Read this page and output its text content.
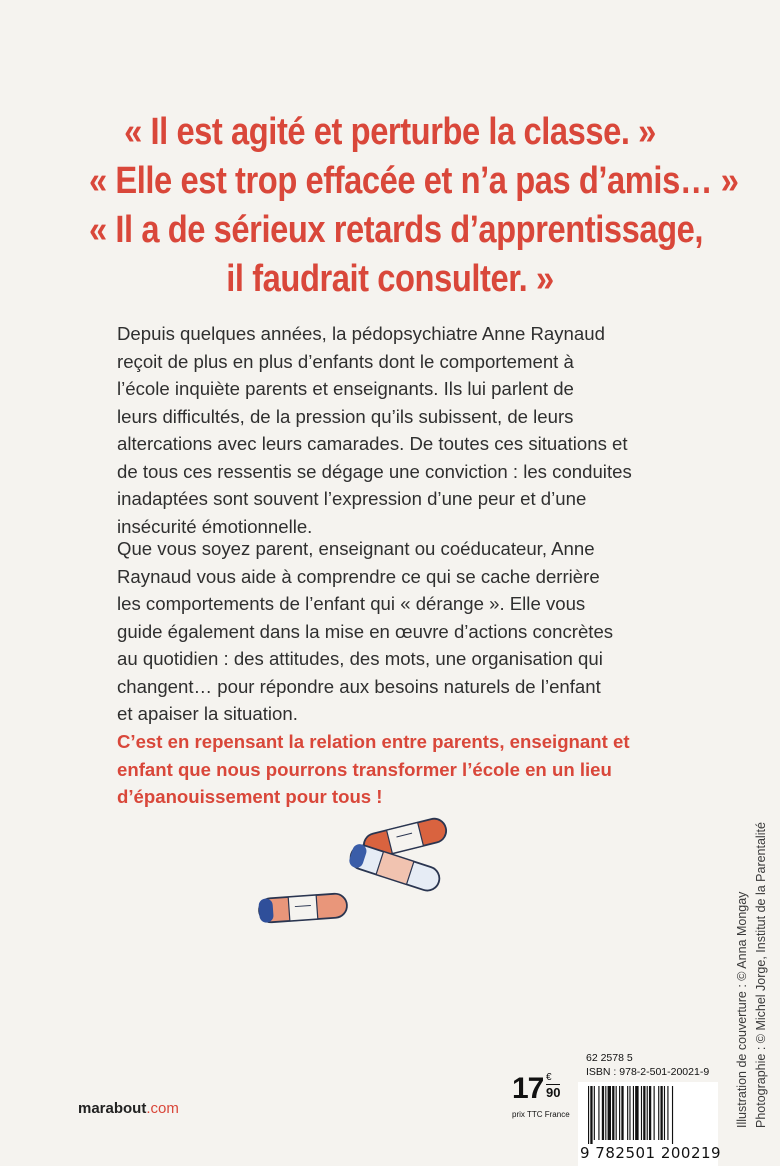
« Il est agité et perturbe la classe. »
« Elle est trop effacée et n’a pas d’amis… »
« Il a de sérieux retards d’apprentissage,
il faudrait consulter. »
Depuis quelques années, la pédopsychiatre Anne Raynaud
reçoit de plus en plus d’enfants dont le comportement à
l’école inquiète parents et enseignants. Ils lui parlent de
leurs difficultés, de la pression qu’ils subissent, de leurs
altercations avec leurs camarades. De toutes ces situations et
de tous ces ressentis se dégage une conviction : les conduites
inadaptées sont souvent l’expression d’une peur et d’une
insécurité émotionnelle.
Que vous soyez parent, enseignant ou coéducateur, Anne
Raynaud vous aide à comprendre ce qui se cache derrière
les comportements de l’enfant qui « dérange ». Elle vous
guide également dans la mise en œuvre d’actions concrètes
au quotidien : des attitudes, des mots, une organisation qui
changent… pour répondre aux besoins naturels de l’enfant
et apaiser la situation.
C’est en repensant la relation entre parents, enseignant et
enfant que nous pourrons transformer l’école en un lieu
d’épanouissement pour tous !
Illustration de couverture : © Anna Mongay Photographie : © Michel Jorge, Institut de la Parentalité
marabout.com
17 €
90
prix TTC France
62 2578 5
ISBN : 978-2-501-20021-9
9 782501 200219
